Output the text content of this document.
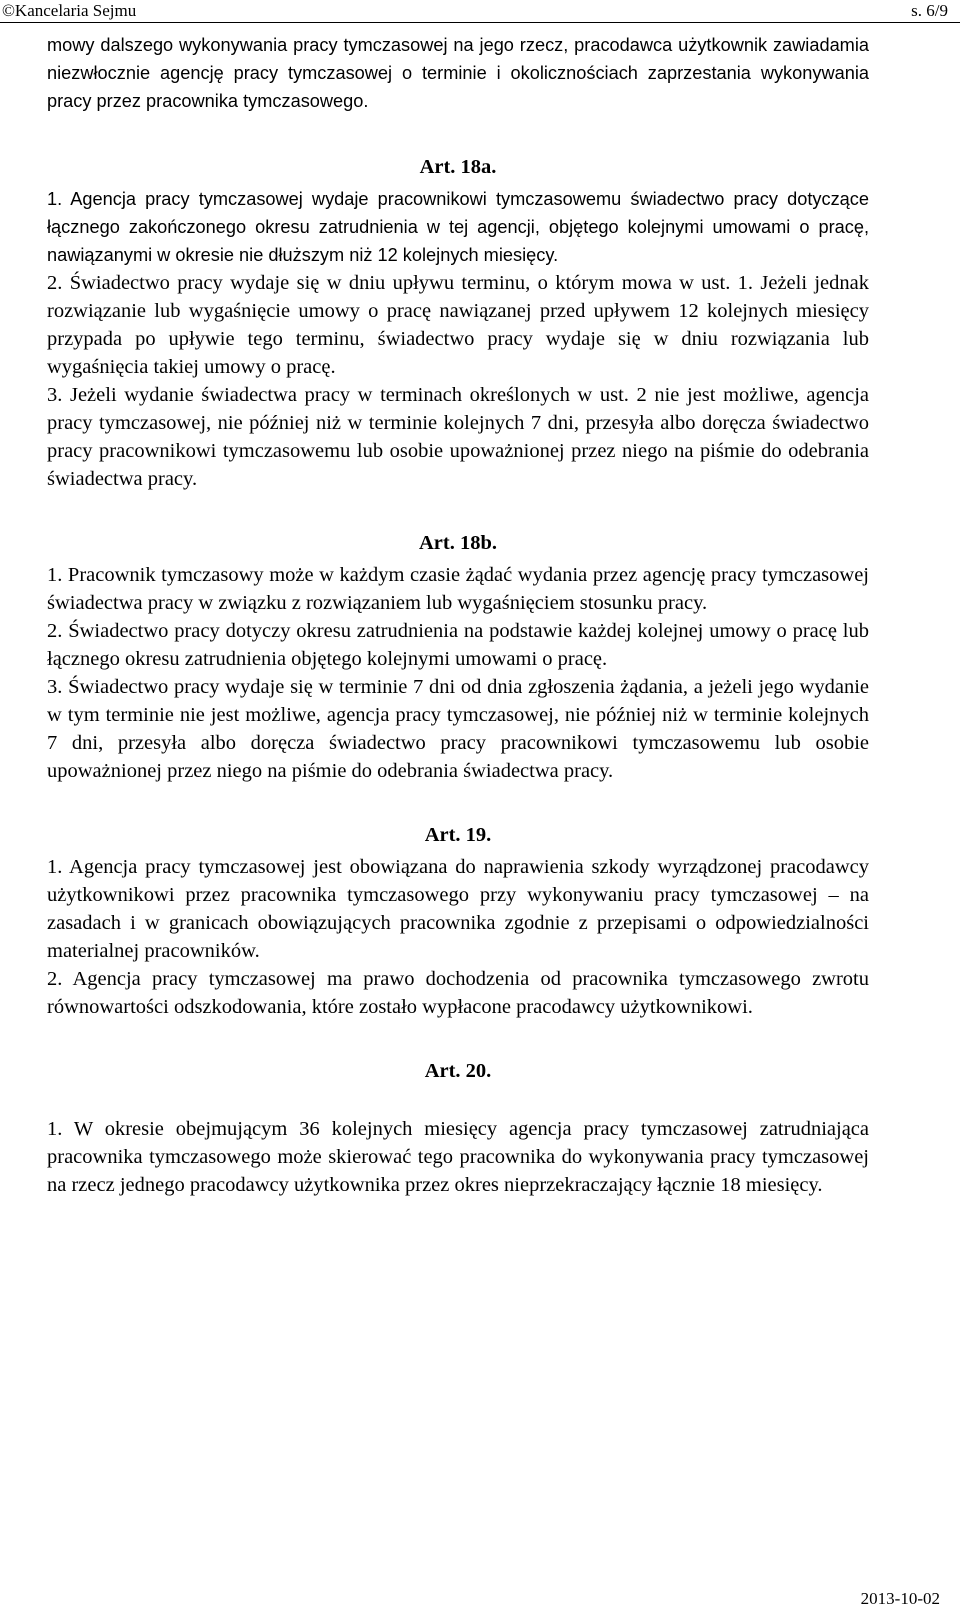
©Kancelaria Sejmu	s. 6/9

mowy dalszego wykonywania pracy tymczasowej na jego rzecz, pracodawca użytkownik zawiadamia niezwłocznie agencję pracy tymczasowej o terminie i okolicznościach zaprzestania wykonywania pracy przez pracownika tymczasowego.

Art. 18a.

1. Agencja pracy tymczasowej wydaje pracownikowi tymczasowemu świadectwo pracy dotyczące łącznego zakończonego okresu zatrudnienia w tej agencji, objętego kolejnymi umowami o pracę, nawiązanymi w okresie nie dłuższym niż 12 kolejnych miesięcy.

2. Świadectwo pracy wydaje się w dniu upływu terminu, o którym mowa w ust. 1. Jeżeli jednak rozwiązanie lub wygaśnięcie umowy o pracę nawiązanej przed upływem 12 kolejnych miesięcy przypada po upływie tego terminu, świadectwo pracy wydaje się w dniu rozwiązania lub wygaśnięcia takiej umowy o pracę.

3. Jeżeli wydanie świadectwa pracy w terminach określonych w ust. 2 nie jest możliwe, agencja pracy tymczasowej, nie później niż w terminie kolejnych 7 dni, przesyła albo doręcza świadectwo pracy pracownikowi tymczasowemu lub osobie upoważnionej przez niego na piśmie do odebrania świadectwa pracy.

Art. 18b.

1. Pracownik tymczasowy może w każdym czasie żądać wydania przez agencję pracy tymczasowej świadectwa pracy w związku z rozwiązaniem lub wygaśnięciem stosunku pracy.

2. Świadectwo pracy dotyczy okresu zatrudnienia na podstawie każdej kolejnej umowy o pracę lub łącznego okresu zatrudnienia objętego kolejnymi umowami o pracę.

3. Świadectwo pracy wydaje się w terminie 7 dni od dnia zgłoszenia żądania, a jeżeli jego wydanie w tym terminie nie jest możliwe, agencja pracy tymczasowej, nie później niż w terminie kolejnych 7 dni, przesyła albo doręcza świadectwo pracy pracownikowi tymczasowemu lub osobie upoważnionej przez niego na piśmie do odebrania świadectwa pracy.

Art. 19.

1. Agencja pracy tymczasowej jest obowiązana do naprawienia szkody wyrządzonej pracodawcy użytkownikowi przez pracownika tymczasowego przy wykonywaniu pracy tymczasowej – na zasadach i w granicach obowiązujących pracownika zgodnie z przepisami o odpowiedzialności materialnej pracowników.

2. Agencja pracy tymczasowej ma prawo dochodzenia od pracownika tymczasowego zwrotu równowartości odszkodowania, które zostało wypłacone pracodawcy użytkownikowi.

Art. 20.

1. W okresie obejmującym 36 kolejnych miesięcy agencja pracy tymczasowej zatrudniająca pracownika tymczasowego może skierować tego pracownika do wykonywania pracy tymczasowej na rzecz jednego pracodawcy użytkownika przez okres nieprzekraczający łącznie 18 miesięcy.

2013-10-02
